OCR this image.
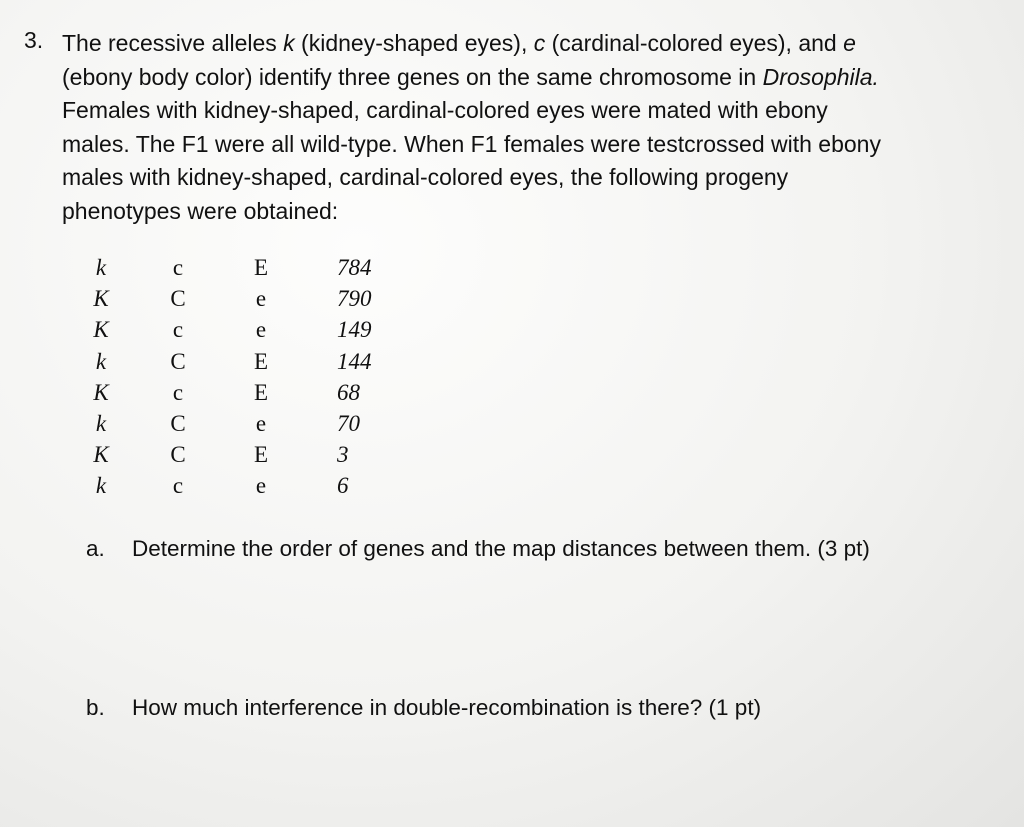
3. The recessive alleles k (kidney-shaped eyes), c (cardinal-colored eyes), and e
(ebony body color) identify three genes on the same chromosome in Drosophila.
Females with kidney-shaped, cardinal-colored eyes were mated with ebony
males. The F1 were all wild-type. When F1 females were testcrossed with ebony
males with kidney-shaped, cardinal-colored eyes, the following progeny
phenotypes were obtained:
k	c	E	784
K	C	e	790
K	c	e	149
k	C	E	144
K	c	E	68
k	C	e	70
K	C	E	3
k	c	e	6
a. Determine the order of genes and the map distances between them. (3 pt)
b. How much interference in double-recombination is there? (1 pt)
